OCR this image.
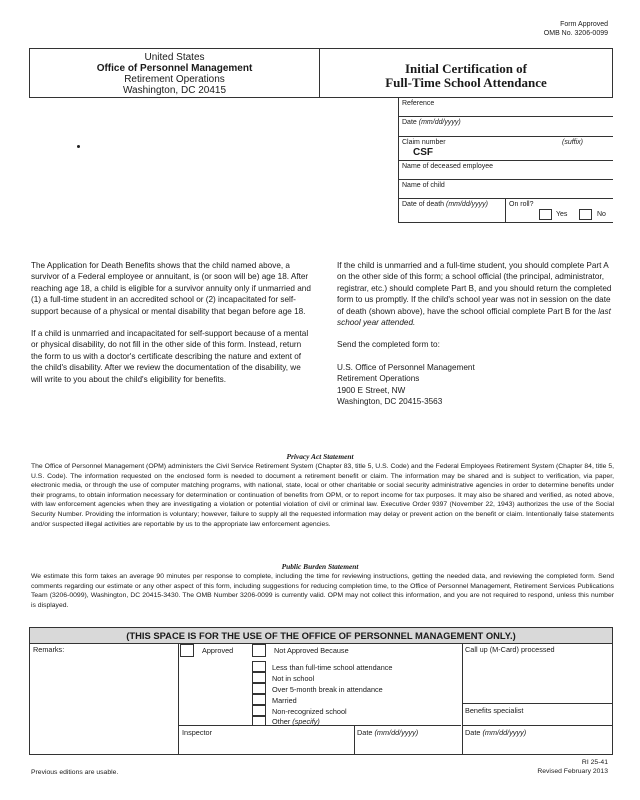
Form Approved
OMB No. 3206-0099
United States
Office of Personnel Management
Retirement Operations
Washington, DC 20415
Initial Certification of
Full-Time School Attendance
Reference
Date (mm/dd/yyyy)
Claim number	(suffix)
CSF
Name of deceased employee
Name of child
Date of death (mm/dd/yyyy)	On roll?
Yes	No

The Application for Death Benefits shows that the child named above, a survivor of a Federal employee or annuitant, is (or soon will be) age 18. After reaching age 18, a child is eligible for a survivor annuity only if unmarried and (1) a full-time student in an accredited school or (2) incapacitated for self-support because of a physical or mental disability that began before age 18.

If a child is unmarried and incapacitated for self-support because of a mental or physical disability, do not fill in the other side of this form. Instead, return the form to us with a doctor's certificate describing the nature and extent of the child's disability. After we review the documentation of the disability, we will write to you about the child's eligibility for benefits.

If the child is unmarried and a full-time student, you should complete Part A on the other side of this form; a school official (the principal, administrator, registrar, etc.) should complete Part B, and you should return the completed form to us promptly. If the child's school year was not in session on the date of death (shown above), have the school official complete Part B for the last school year attended.

Send the completed form to:

U.S. Office of Personnel Management

Retirement Operations

1900 E Street, NW

Washington, DC 20415-3563

Privacy Act Statement
The Office of Personnel Management (OPM) administers the Civil Service Retirement System (Chapter 83, title 5, U.S. Code) and the Federal Employees Retirement System (Chapter 84, title 5, U.S. Code). The information requested on the enclosed form is needed to document a retirement benefit or claim. The information may be shared and is subject to verification, via paper, electronic media, or through the use of computer matching programs, with national, state, local or other charitable or social security administrative agencies in order to determine benefits under their programs, to obtain information necessary for determination or continuation of benefits from OPM, or to report income for tax purposes. It may also be shared and verified, as noted above, with law enforcement agencies when they are investigating a violation or potential violation of civil or criminal law. Executive Order 9397 (November 22, 1943) authorizes the use of the Social Security Number. Providing the information is voluntary; however, failure to supply all the requested information may delay or prevent action on the benefit or claim. Intentionally false statements and/or suspected illegal activities are reportable by us to the appropriate law enforcement agencies.
Public Burden Statement
We estimate this form takes an average 90 minutes per response to complete, including the time for reviewing instructions, getting the needed data, and reviewing the completed form. Send comments regarding our estimate or any other aspect of this form, including suggestions for reducing completion time, to the Office of Personnel Management, Retirement Services Publications Team (3206-0099), Washington, DC 20415-3430. The OMB Number 3206-0099 is currently valid. OPM may not collect this information, and you are not required to respond, unless this number is displayed.
(THIS SPACE IS FOR THE USE OF THE OFFICE OF PERSONNEL MANAGEMENT ONLY.)
Remarks:	Approved	Not Approved Because
Less than full-time school attendance
Not in school
Over 5-month break in attendance
Married
Non-recognized school
Other (specify)
Call up (M-Card) processed
Benefits specialist
Inspector	Date (mm/dd/yyyy)	Date (mm/dd/yyyy)
Previous editions are usable.
RI 25-41
Revised February 2013
